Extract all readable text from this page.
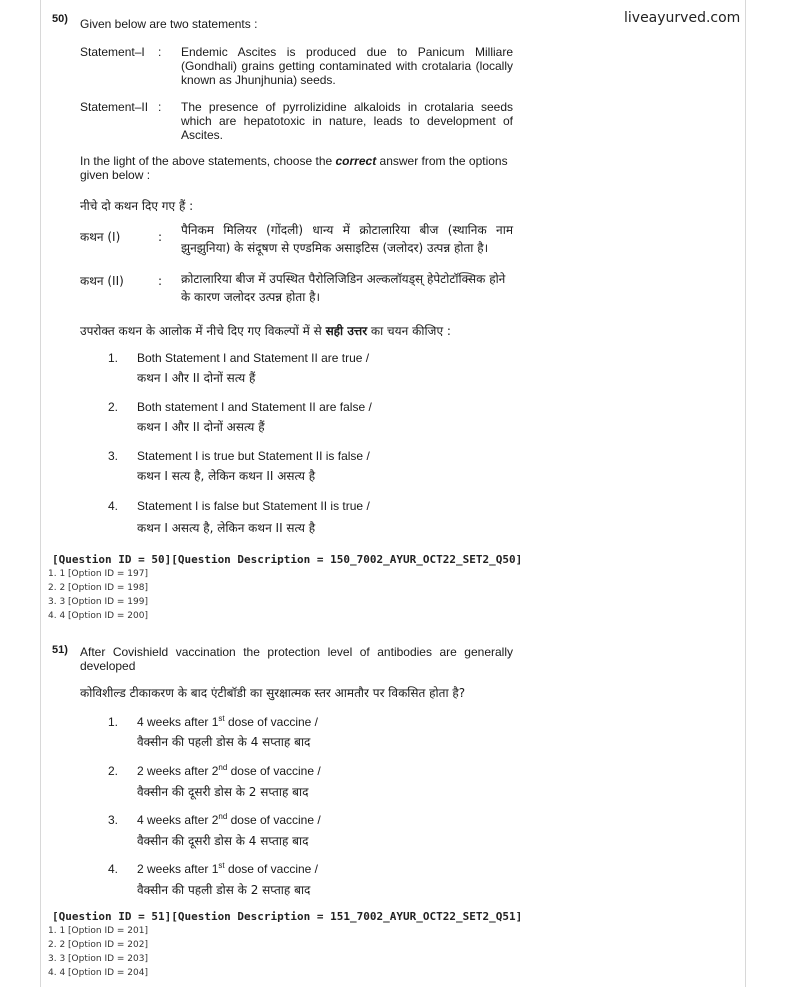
liveayurved.com
50) Given below are two statements :
Statement–I : Endemic Ascites is produced due to Panicum Milliare (Gondhali) grains getting contaminated with crotalaria (locally known as Jhunjhunia) seeds.
Statement–II : The presence of pyrrolizidine alkaloids in crotalaria seeds which are hepatotoxic in nature, leads to development of Ascites.
In the light of the above statements, choose the correct answer from the options given below :
नीचे दो कथन दिए गए हैं :
कथन (I)	: पैनिकम मिलियर (गोंदली) धान्य में क्रोटालारिया बीज (स्थानिक नाम झुनझुनिया) के संदूषण से एण्डमिक असाइटिस (जलोदर) उत्पन्न होता है।
कथन (II)	: क्रोटालारिया बीज में उपस्थित पैरोलिजिडिन अल्कलॉयड्स् हेपेटोटॉक्सिक होने के कारण जलोदर उत्पन्न होता है।
उपरोक्त कथन के आलोक में नीचे दिए गए विकल्पों में से सही उत्तर का चयन कीजिए :
1. Both Statement I and Statement II are true /
कथन I और II दोनों सत्य हैं
2. Both statement I and Statement II are false /
कथन I और II दोनों असत्य हैं
3. Statement I is true but Statement II is false /
कथन I सत्य है, लेकिन कथन II असत्य है
4. Statement I is false but Statement II is true /
कथन I असत्य है, लेकिन कथन II सत्य है
[Question ID = 50][Question Description = 150_7002_AYUR_OCT22_SET2_Q50]
1. 1 [Option ID = 197]
2. 2 [Option ID = 198]
3. 3 [Option ID = 199]
4. 4 [Option ID = 200]
51) After Covishield vaccination the protection level of antibodies are generally developed
कोविशील्ड टीकाकरण के बाद एंटीबॉडी का सुरक्षात्मक स्तर आमतौर पर विकसित होता है?
1. 4 weeks after 1st dose of vaccine /
वैक्सीन की पहली डोस के 4 सप्ताह बाद
2. 2 weeks after 2nd dose of vaccine /
वैक्सीन की दूसरी डोस के 2 सप्ताह बाद
3. 4 weeks after 2nd dose of vaccine /
वैक्सीन की दूसरी डोस के 4 सप्ताह बाद
4. 2 weeks after 1st dose of vaccine /
वैक्सीन की पहली डोस के 2 सप्ताह बाद
[Question ID = 51][Question Description = 151_7002_AYUR_OCT22_SET2_Q51]
1. 1 [Option ID = 201]
2. 2 [Option ID = 202]
3. 3 [Option ID = 203]
4. 4 [Option ID = 204]
